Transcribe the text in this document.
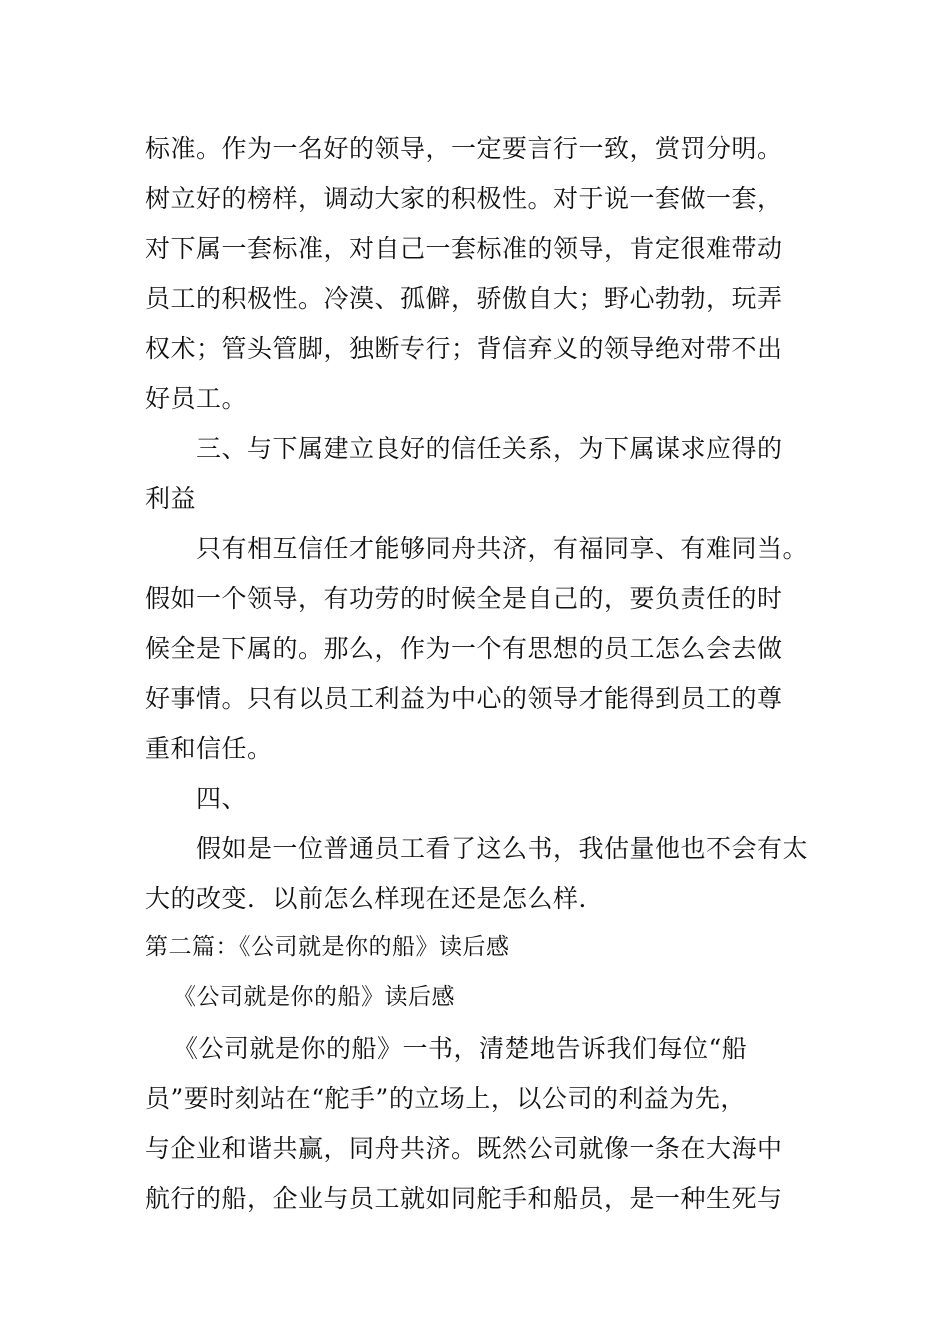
标准。作为一名好的领导，一定要言行一致，赏罚分明。
树立好的榜样，调动大家的积极性。对于说一套做一套，
对下属一套标准，对自己一套标准的领导，肯定很难带动
员工的积极性。冷漠、孤僻，骄傲自大；野心勃勃，玩弄
权术；管头管脚，独断专行；背信弃义的领导绝对带不出
好员工。
三、与下属建立良好的信任关系，为下属谋求应得的
利益
只有相互信任才能够同舟共济，有福同享、有难同当。
假如一个领导，有功劳的时候全是自己的，要负责任的时
候全是下属的。那么，作为一个有思想的员工怎么会去做
好事情。只有以员工利益为中心的领导才能得到员工的尊
重和信任。
四、
假如是一位普通员工看了这么书，我估量他也不会有太
大的改变．以前怎么样现在还是怎么样．
第二篇：《公司就是你的船》读后感
《公司就是你的船》读后感
《公司就是你的船》一书，清楚地告诉我们每位“船
员”要时刻站在“舵手”的立场上，以公司的利益为先，
与企业和谐共赢，同舟共济。既然公司就像一条在大海中
航行的船，企业与员工就如同舵手和船员，是一种生死与
